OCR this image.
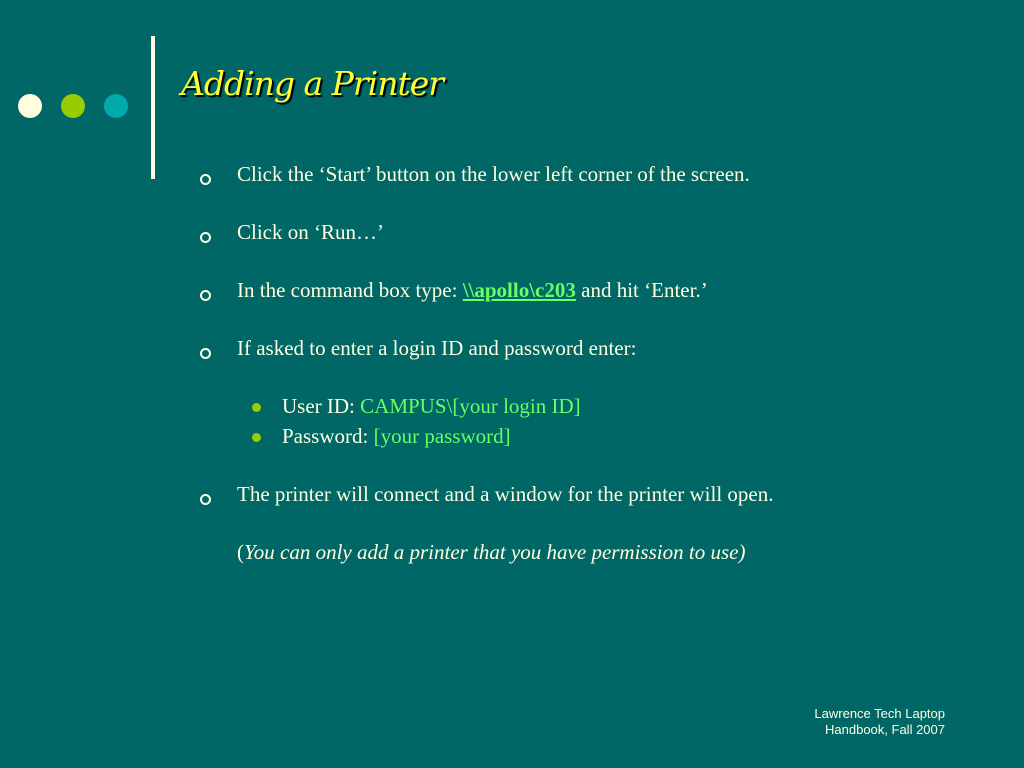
Adding a Printer
Click the ‘Start’ button on the lower left corner of the screen.
Click on ‘Run…’
In the command box type: \\apollo\c203 and hit ‘Enter.’
If asked to enter a login ID and password enter:
User ID: CAMPUS\[your login ID]
Password: [your password]
The printer will connect and a window for the printer will open.
(You can only add a printer that you have permission to use)
Lawrence Tech Laptop
Handbook, Fall 2007
